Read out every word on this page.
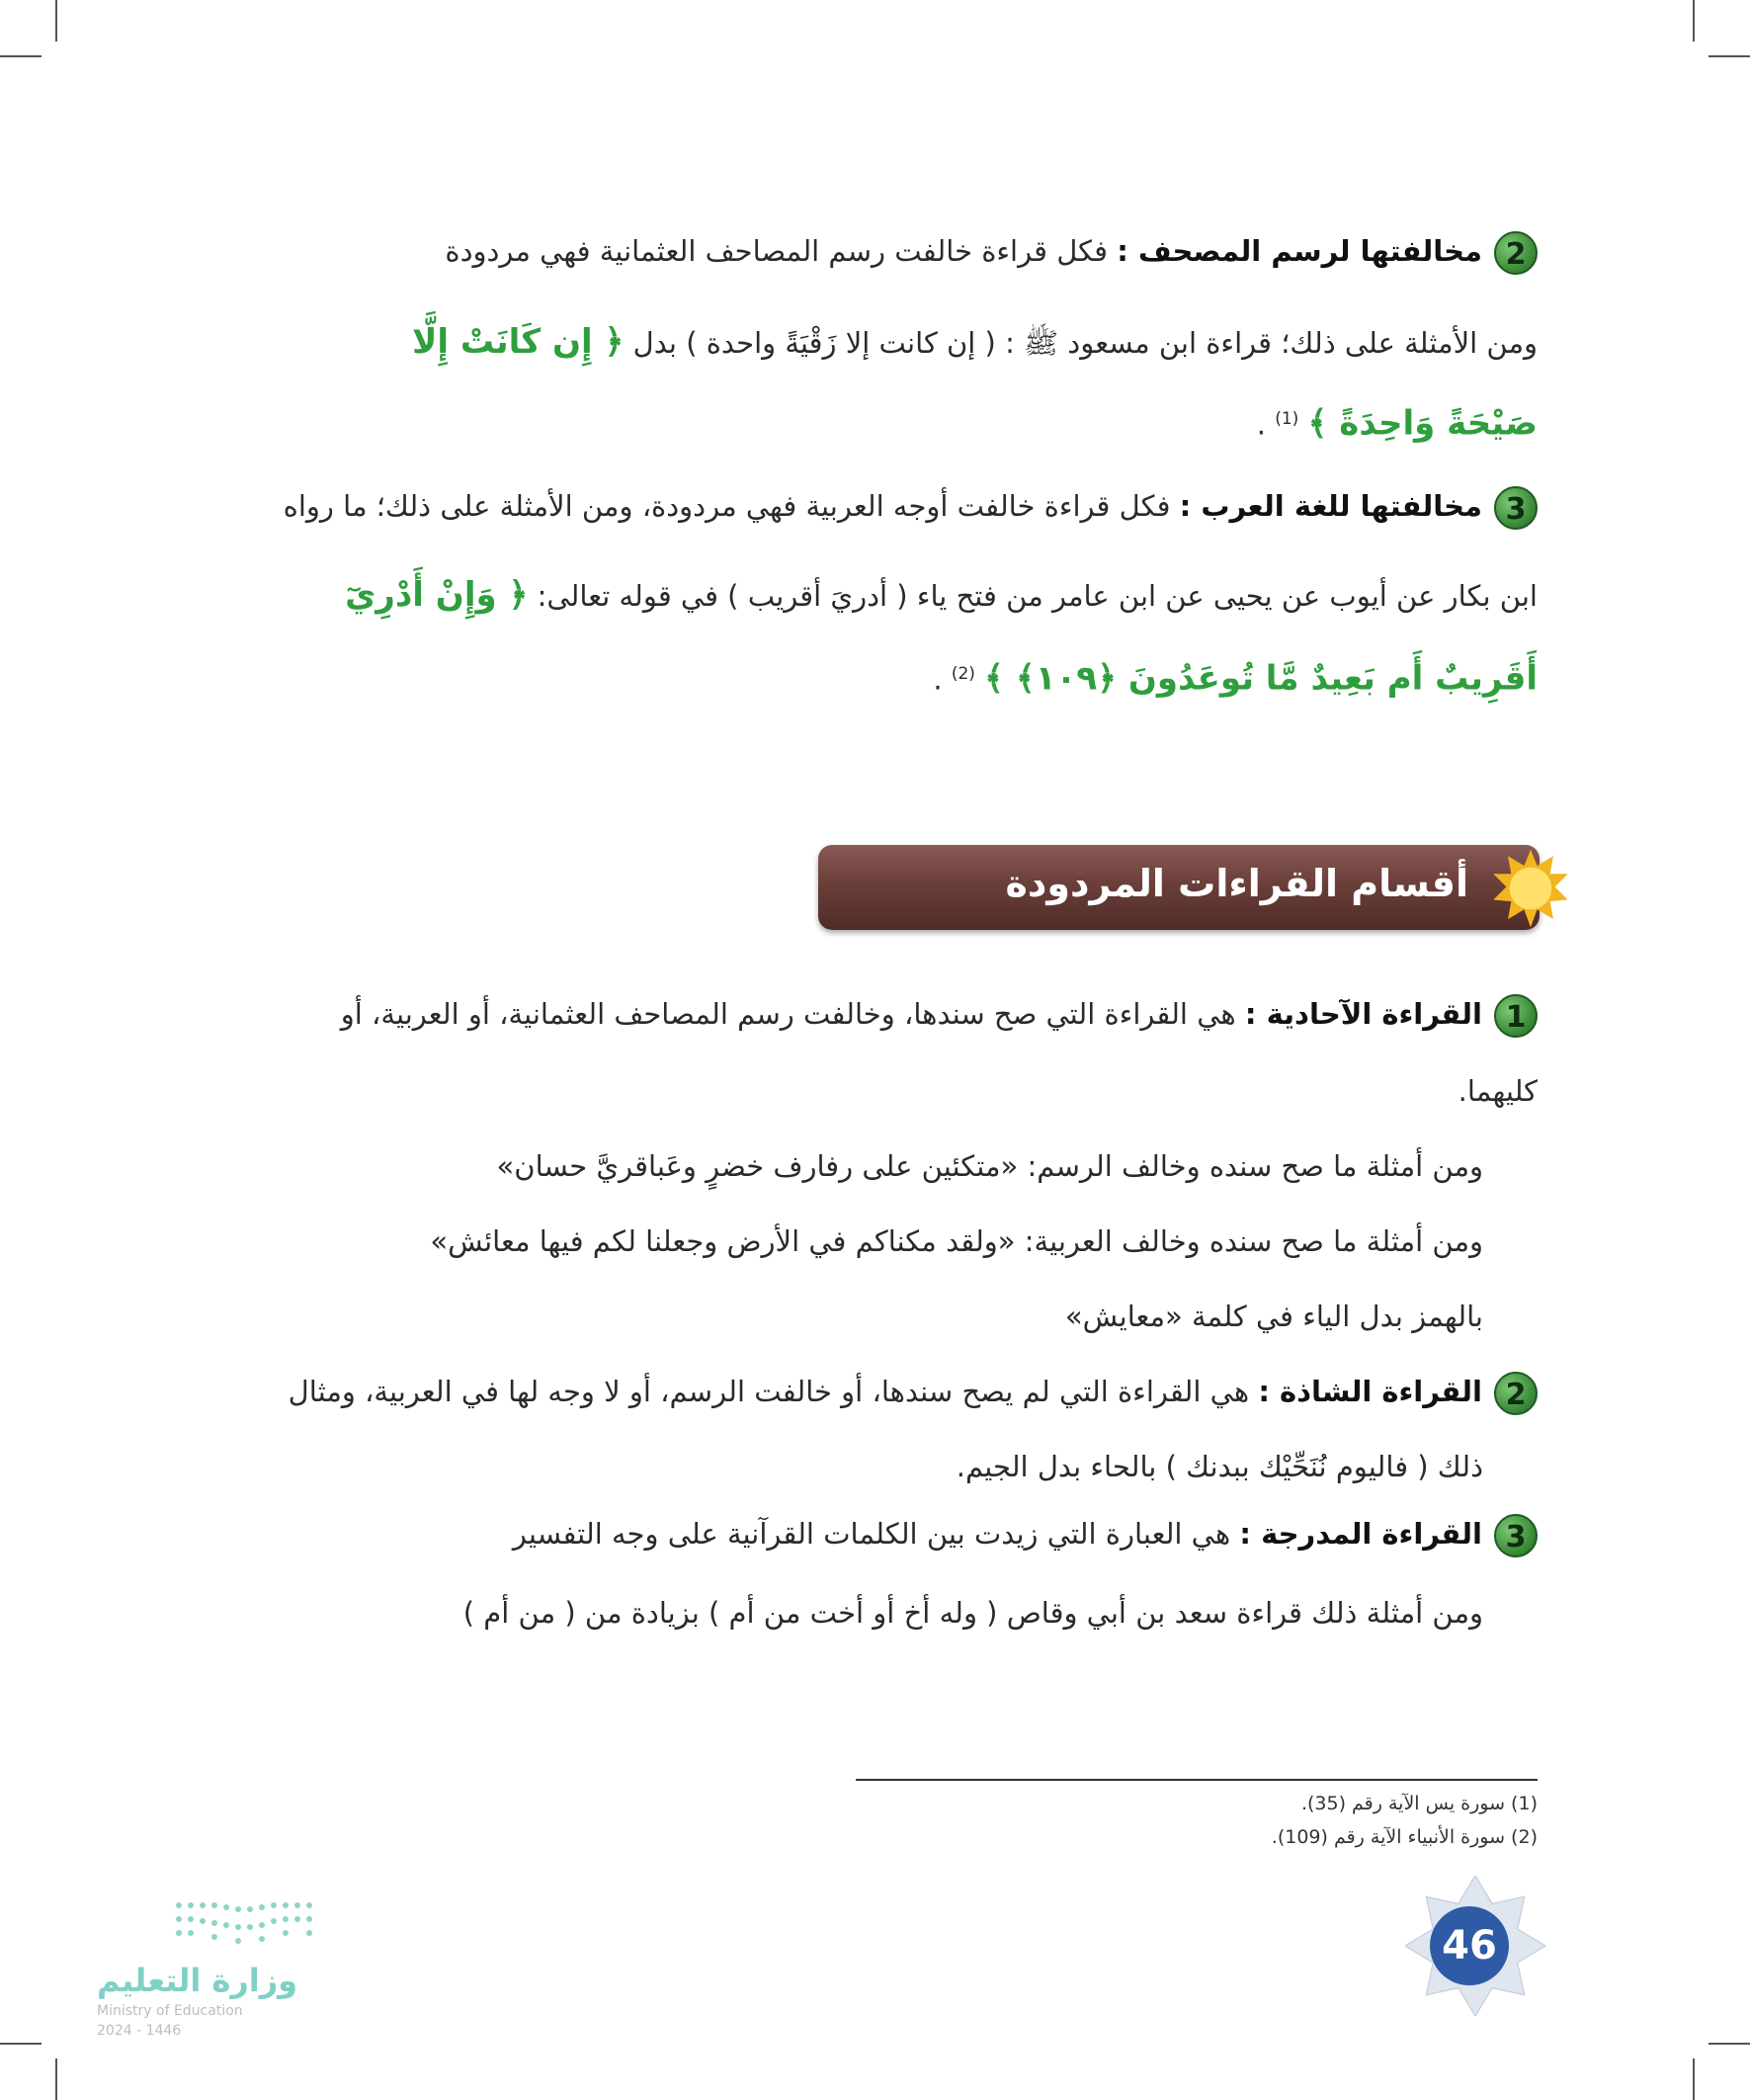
2مخالفتها لرسم المصحف : فكل قراءة خالفت رسم المصاحف العثمانية فهي مردودة
ومن الأمثلة على ذلك؛ قراءة ابن مسعود ﷺ : ( إن كانت إلا زَقْيَةً واحدة ) بدل ﴿ إِن كَانَتْ إِلَّا
صَيْحَةً وَاحِدَةً ﴾ $^{(1)}$ .
3مخالفتها للغة العرب : فكل قراءة خالفت أوجه العربية فهي مردودة، ومن الأمثلة على ذلك؛ ما رواه
ابن بكار عن أيوب عن يحيى عن ابن عامر من فتح ياء ( أدريَ أقريب ) في قوله تعالى: ﴿ وَإِنْ أَدْرِيٓ
أَقَرِيبٌ أَم بَعِيدٌ مَّا تُوعَدُونَ ﴿١٠٩﴾ ﴾ $^{(2)}$ .
أقسام القراءات المردودة
1القراءة الآحادية : هي القراءة التي صح سندها، وخالفت رسم المصاحف العثمانية، أو العربية، أو
كليهما.
ومن أمثلة ما صح سنده وخالف الرسم: «متكئين على رفارف خضرٍ وعَباقريَّ حسان»
ومن أمثلة ما صح سنده وخالف العربية: «ولقد مكناكم في الأرض وجعلنا لكم فيها معائش»
بالهمز بدل الياء في كلمة «معايش»
2القراءة الشاذة : هي القراءة التي لم يصح سندها، أو خالفت الرسم، أو لا وجه لها في العربية، ومثال
ذلك ( فاليوم نُنَحِّيْك ببدنك ) بالحاء بدل الجيم.
3القراءة المدرجة : هي العبارة التي زيدت بين الكلمات القرآنية على وجه التفسير
ومن أمثلة ذلك قراءة سعد بن أبي وقاص ( وله أخ أو أخت من أم ) بزيادة من ( من أم )
(1) سورة يس الآية رقم (35).
(2) سورة الأنبياء الآية رقم (109).
46
وزارة التعليم
Ministry of Education
2024 - 1446
